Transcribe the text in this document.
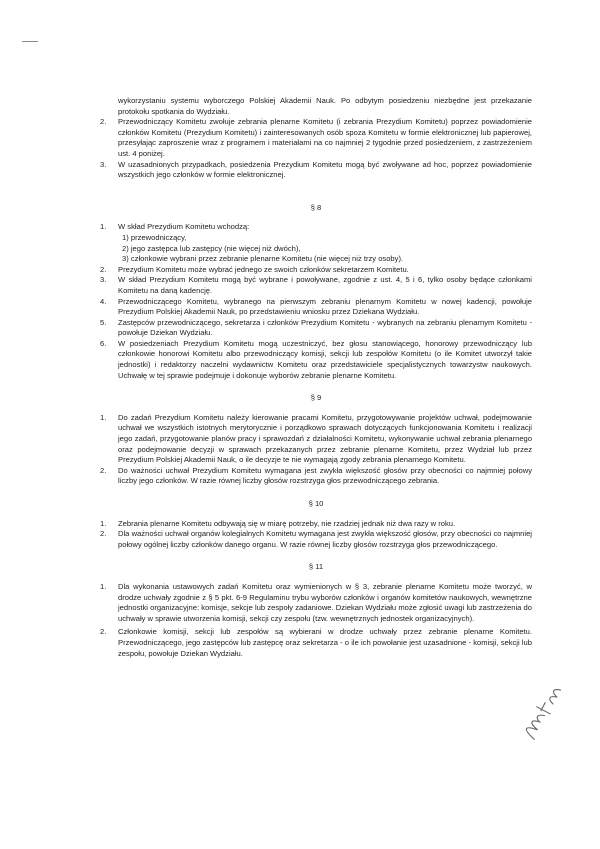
wykorzystaniu systemu wyborczego Polskiej Akademii Nauk. Po odbytym posiedzeniu niezbędne jest przekazanie protokołu spotkania do Wydziału.
2.	Przewodniczący Komitetu zwołuje zebrania plenarne Komitetu (i zebrania Prezydium Komitetu) poprzez powiadomienie członków Komitetu (Prezydium Komitetu) i zainteresowanych osób spoza Komitetu w formie elektronicznej lub papierowej, przesyłając zaproszenie wraz z programem i materiałami na co najmniej 2 tygodnie przed posiedzeniem, z zastrzeżeniem ust. 4 poniżej.
3.	W uzasadnionych przypadkach, posiedzenia Prezydium Komitetu mogą być zwoływane ad hoc, poprzez powiadomienie wszystkich jego członków w formie elektronicznej.
§ 8
1.	W skład Prezydium Komitetu wchodzą:
1) przewodniczący,
2) jego zastępca lub zastępcy (nie więcej niż dwóch),
3) członkowie wybrani przez zebranie plenarne Komitetu (nie więcej niż trzy osoby).
2.	Prezydium Komitetu może wybrać jednego ze swoich członków sekretarzem Komitetu.
3.	W skład Prezydium Komitetu mogą być wybrane i powoływane, zgodnie z ust. 4, 5 i 6, tylko osoby będące członkami Komitetu na daną kadencję.
4.	Przewodniczącego Komitetu, wybranego na pierwszym zebraniu plenarnym Komitetu w nowej kadencji, powołuje Prezydium Polskiej Akademii Nauk, po przedstawieniu wniosku przez Dziekana Wydziału.
5.	Zastępców przewodniczącego, sekretarza i członków Prezydium Komitetu - wybranych na zebraniu plenarnym Komitetu - powołuje Dziekan Wydziału.
6.	W posiedzeniach Prezydium Komitetu mogą uczestniczyć, bez głosu stanowiącego, honorowy przewodniczący lub członkowie honorowi Komitetu albo przewodniczący komisji, sekcji lub zespołów Komitetu (o ile Komitet utworzył takie jednostki) i redaktorzy naczelni wydawnictw Komitetu oraz przedstawiciele specjalistycznych towarzystw naukowych. Uchwałę w tej sprawie podejmuje i dokonuje wyborów zebranie plenarne Komitetu.
§ 9
1.	Do zadań Prezydium Komitetu należy kierowanie pracami Komitetu, przygotowywanie projektów uchwał, podejmowanie uchwał we wszystkich istotnych merytorycznie i porządkowo sprawach dotyczących funkcjonowania Komitetu i realizacji jego zadań, przygotowanie planów pracy i sprawozdań z działalności Komitetu, wykonywanie uchwał zebrania plenarnego oraz podejmowanie decyzji w sprawach przekazanych przez zebranie plenarne Komitetu, przez Wydział lub przez Prezydium Polskiej Akademii Nauk, o ile decyzje te nie wymagają zgody zebrania plenarnego Komitetu.
2.	Do ważności uchwał Prezydium Komitetu wymagana jest zwykła większość głosów przy obecności co najmniej połowy liczby jego członków. W razie równej liczby głosów rozstrzyga głos przewodniczącego zebrania.
§ 10
1.	Zebrania plenarne Komitetu odbywają się w miarę potrzeby, nie rzadziej jednak niż dwa razy w roku.
2.	Dla ważności uchwał organów kolegialnych Komitetu wymagana jest zwykła większość głosów, przy obecności co najmniej połowy ogólnej liczby członków danego organu. W razie równej liczby głosów rozstrzyga głos przewodniczącego.
§ 11
1.	Dla wykonania ustawowych zadań Komitetu oraz wymienionych w § 3, zebranie plenarne Komitetu może tworzyć, w drodze uchwały zgodnie z § 5 pkt. 6-9 Regulaminu trybu wyborów członków i organów komitetów naukowych, wewnętrzne jednostki organizacyjne: komisje, sekcje lub zespoły zadaniowe. Dziekan Wydziału może zgłosić uwagi lub zastrzeżenia do uchwały w sprawie utworzenia komisji, sekcji czy zespołu (tzw. wewnętrznych jednostek organizacyjnych).
2.	Członkowie komisji, sekcji lub zespołów są wybierani w drodze uchwały przez zebranie plenarne Komitetu. Przewodniczącego, jego zastępców lub zastępcę oraz sekretarza - o ile ich powołanie jest uzasadnione - komisji, sekcji lub zespołu, powołuje Dziekan Wydziału.
